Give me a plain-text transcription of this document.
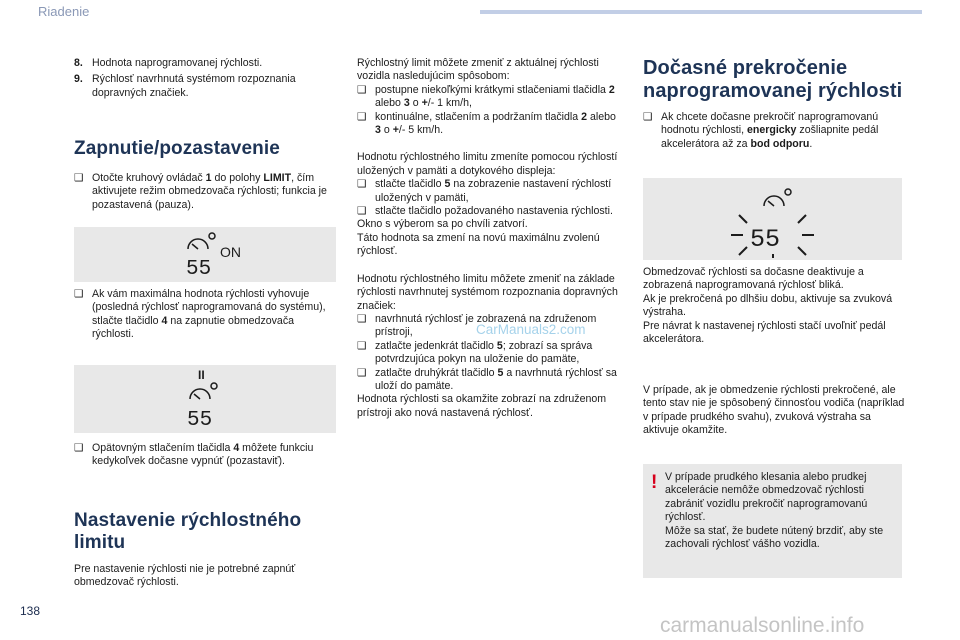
Riadenie

8. Hodnota naprogramovanej rýchlosti.

9. Rýchlosť navrhnutá systémom rozpoznania dopravných značiek.

Zapnutie/pozastavenie

❑ Otočte kruhový ovládač 1 do polohy LIMIT, čím aktivujete režim obmedzovača rýchlosti; funkcia je pozastavená (pauza).

55
ON

❑ Ak vám maximálna hodnota rýchlosti vyhovuje (posledná rýchlosť naprogramovaná do systému), stlačte tlačidlo 4 na zapnutie obmedzovača rýchlosti.

II
55

❑ Opätovným stlačením tlačidla 4 môžete funkciu kedykoľvek dočasne vypnúť (pozastaviť).

Nastavenie rýchlostného limitu
Pre nastavenie rýchlosti nie je potrebné zapnúť obmedzovač rýchlosti.

Rýchlostný limit môžete zmeniť z aktuálnej rýchlosti vozidla nasledujúcim spôsobom:

❑ postupne niekoľkými krátkymi stlačeniami tlačidla 2 alebo 3 o +/- 1 km/h,
❑ kontinuálne, stlačením a podržaním tlačidla 2 alebo 3 o +/- 5 km/h.

Hodnotu rýchlostného limitu zmeníte pomocou rýchlostí uložených v pamäti a dotykového displeja:

❑ stlačte tlačidlo 5 na zobrazenie nastavení rýchlostí uložených v pamäti,
❑ stlačte tlačidlo požadovaného nastavenia rýchlosti.

Okno s výberom sa po chvíli zatvorí.

Táto hodnota sa zmení na novú maximálnu zvolenú rýchlosť.

Hodnotu rýchlostného limitu môžete zmeniť na základe rýchlosti navrhnutej systémom rozpoznania dopravných značiek:

❑ navrhnutá rýchlosť je zobrazená na združenom prístroji,
❑ zatlačte jedenkrát tlačidlo 5; zobrazí sa správa potvrdzujúca pokyn na uloženie do pamäte,
❑ zatlačte druhýkrát tlačidlo 5 a navrhnutá rýchlosť sa uloží do pamäte.

Hodnota rýchlosti sa okamžite zobrazí na združenom prístroji ako nová nastavená rýchlosť.

Dočasné prekročenie naprogramovanej rýchlosti

❑ Ak chcete dočasne prekročiť naprogramovanú hodnotu rýchlosti, energicky zošliapnite pedál akcelerátora až za bod odporu.

55

Obmedzovač rýchlosti sa dočasne deaktivuje a zobrazená naprogramovaná rýchlosť bliká.

Ak je prekročená po dlhšiu dobu, aktivuje sa zvuková výstraha.

Pre návrat k nastavenej rýchlosti stačí uvoľniť pedál akcelerátora.

V prípade, ak je obmedzenie rýchlosti prekročené, ale tento stav nie je spôsobený činnosťou vodiča (napríklad v prípade prudkého svahu), zvuková výstraha sa aktivuje okamžite.
! V prípade prudkého klesania alebo prudkej akcelerácie nemôže obmedzovač rýchlosti zabrániť vozidlu prekročiť naprogramovanú rýchlosť.

Môže sa stať, že budete nútený brzdiť, aby ste zachovali rýchlosť vášho vozidla.

138
CarManuals2.com
carmanualsonline.info
